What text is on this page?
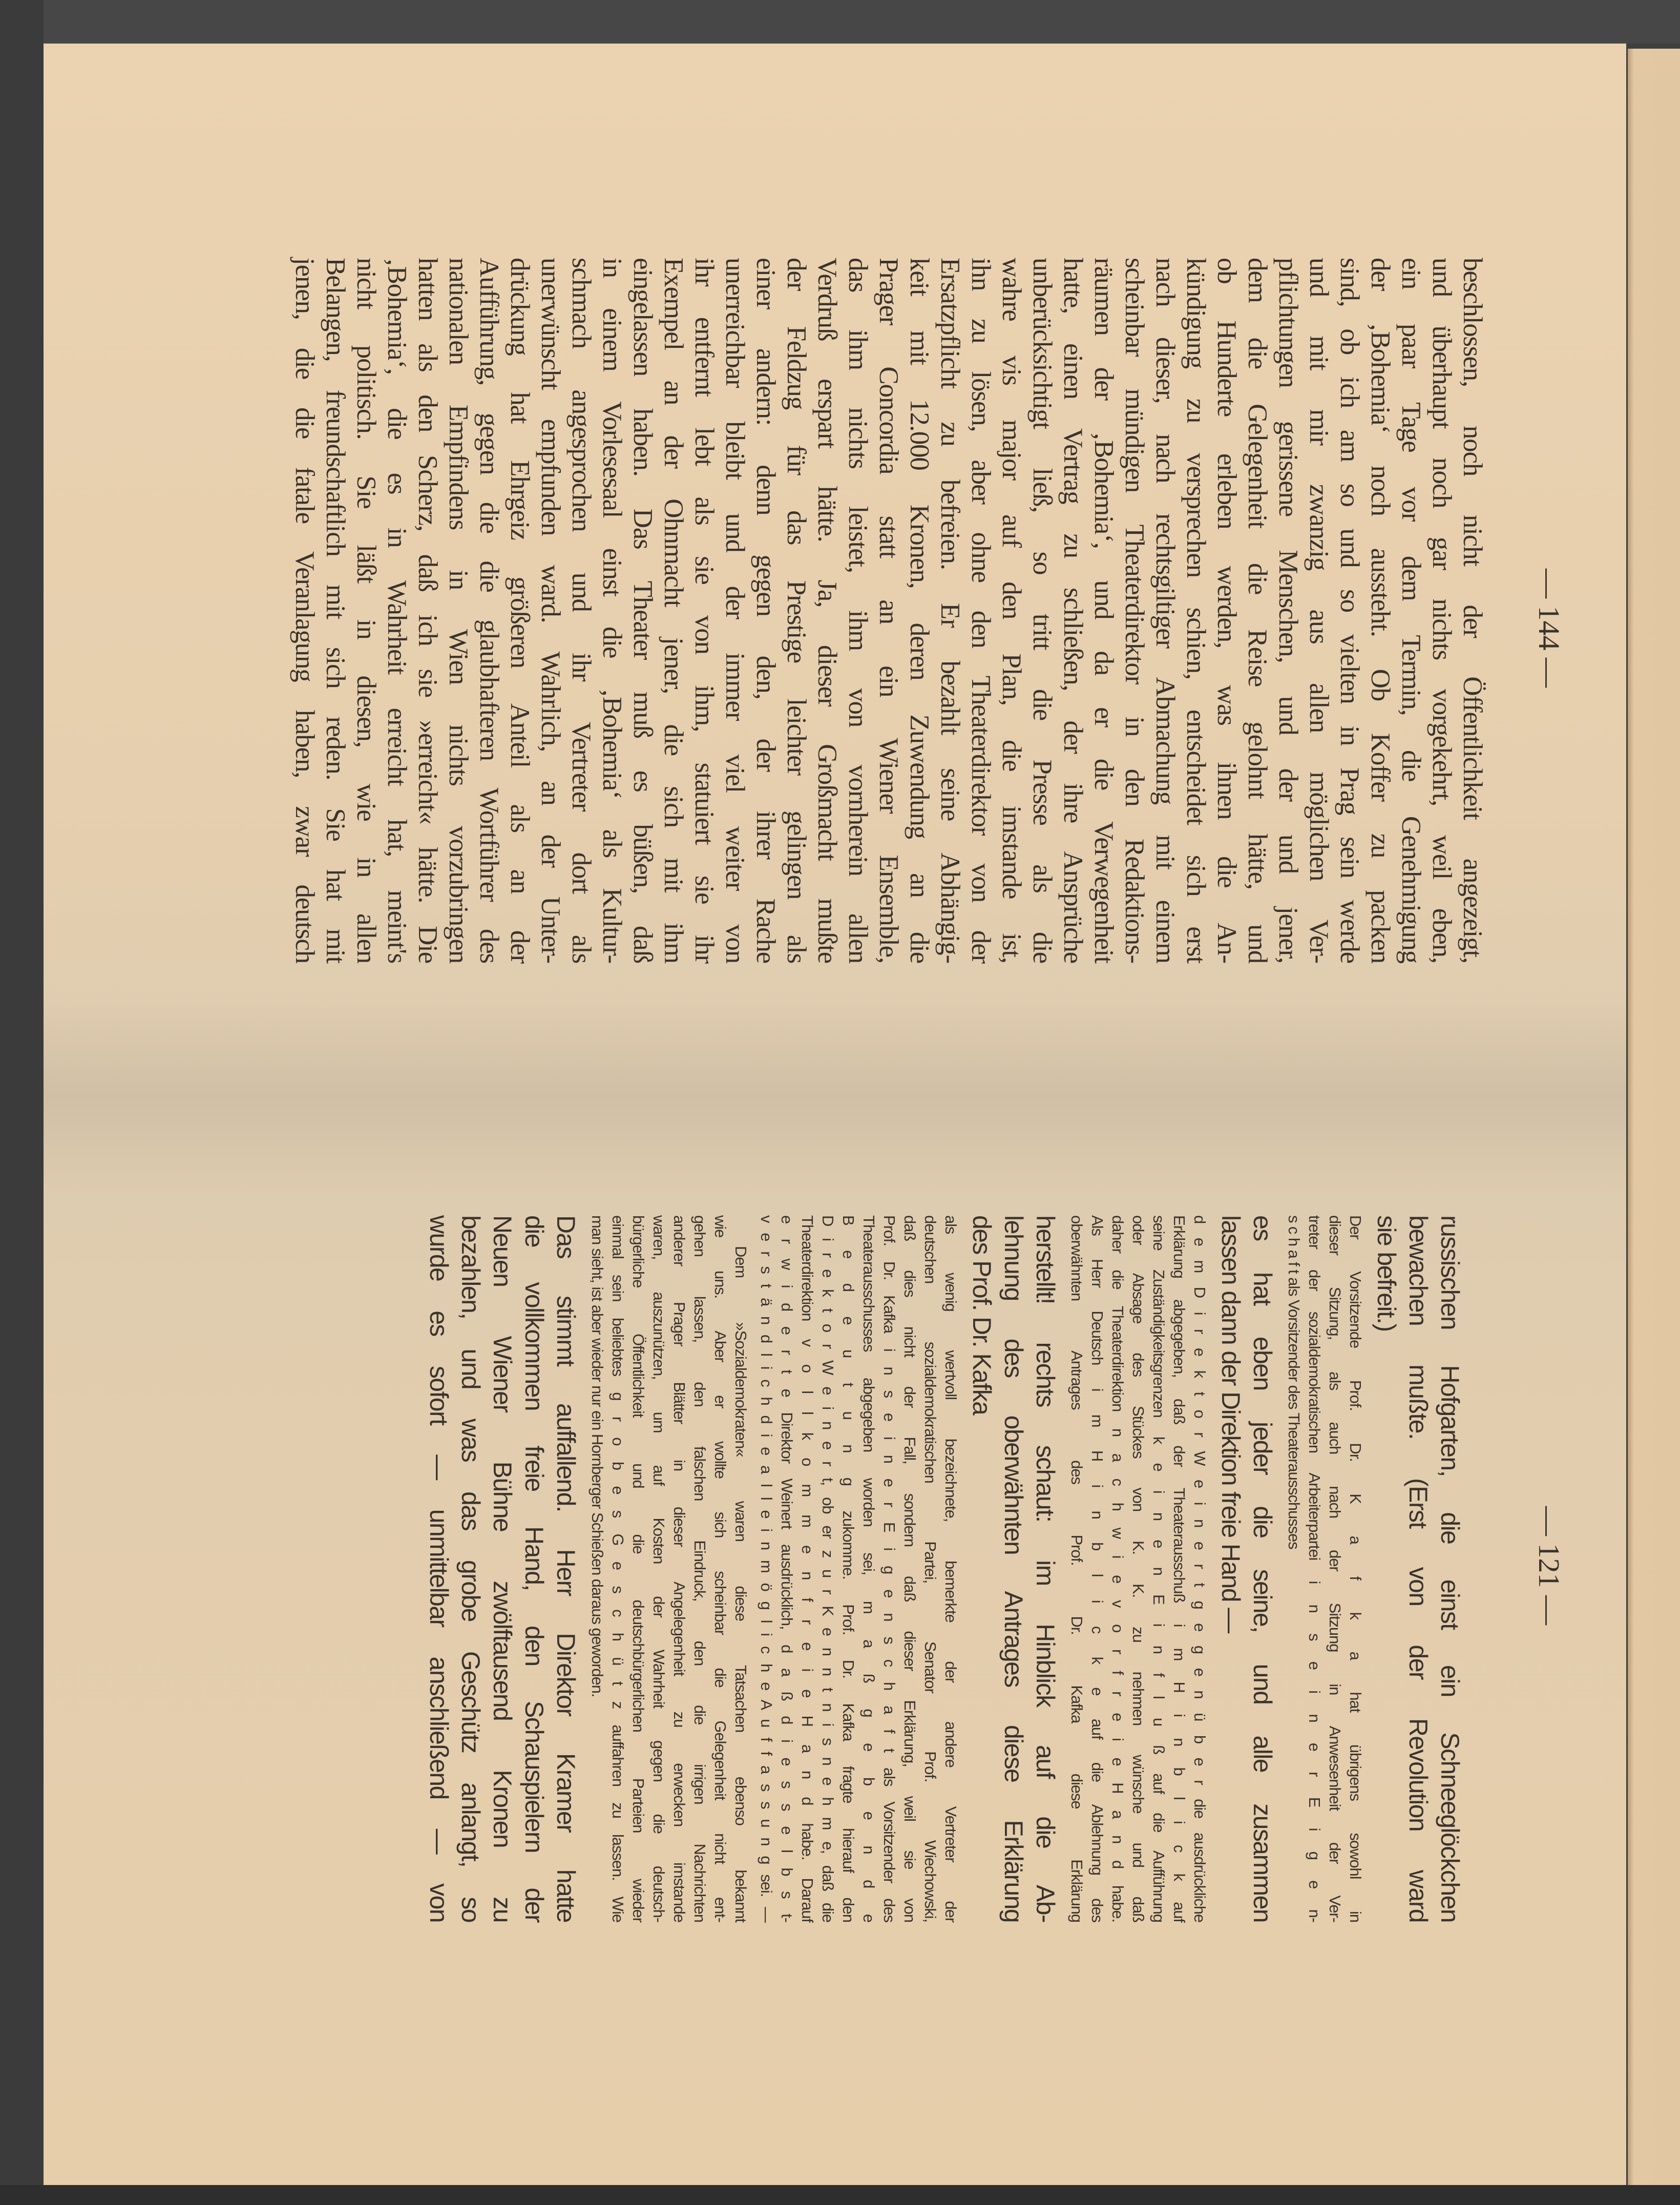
— 144 —
beschlossen, noch nicht der Öffentlichkeit angezeigt,
und überhaupt noch gar nichts vorgekehrt, weil eben,
ein paar Tage vor dem Termin, die Genehmigung
der ‚Bohemia‘ noch aussteht. Ob Koffer zu packen
sind, ob ich am so und so vielten in Prag sein werde
und mit mir zwanzig aus allen möglichen Ver-
pflichtungen gerissene Menschen, und der und jener,
dem die Gelegenheit die Reise gelohnt hätte, und
ob Hunderte erleben werden, was ihnen die An-
kündigung zu versprechen schien, entscheidet sich erst
nach dieser, nach rechtsgiltiger Abmachung mit einem
scheinbar mündigen Theaterdirektor in den Redaktions-
räumen der ‚Bohemia‘, und da er die Verwegenheit
hatte, einen Vertrag zu schließen, der ihre Ansprüche
unberücksichtigt ließ, so tritt die Presse als die
wahre vis major auf den Plan, die imstande ist,
ihn zu lösen, aber ohne den Theaterdirektor von der
Ersatzpflicht zu befreien. Er bezahlt seine Abhängig-
keit mit 12.000 Kronen, deren Zuwendung an die
Prager Concordia statt an ein Wiener Ensemble,
das ihm nichts leistet, ihm von vornherein allen
Verdruß erspart hätte. Ja, dieser Großmacht mußte
der Feldzug für das Prestige leichter gelingen als
einer andern: denn gegen den, der ihrer Rache
unerreichbar bleibt und der immer viel weiter von
ihr entfernt lebt als sie von ihm, statuiert sie ihr
Exempel an der Ohnmacht jener, die sich mit ihm
eingelassen haben. Das Theater muß es büßen, daß
in einem Vorlesesaal einst die ‚Bohemia‘ als Kultur-
schmach angesprochen und ihr Vertreter dort als
unerwünscht empfunden ward. Wahrlich, an der Unter-
drückung hat Ehrgeiz größeren Anteil als an der
Aufführung, gegen die die glaubhafteren Wortführer des
nationalen Empfindens in Wien nichts vorzubringen
hatten als den Scherz, daß ich sie »erreicht« hätte. Die
‚Bohemia‘, die es in Wahrheit erreicht hat, meint's
nicht politisch. Sie läßt in diesen, wie in allen
Belangen, freundschaftlich mit sich reden. Sie hat mit
jenen, die die fatale Veranlagung haben, zwar deutsch
— 121 —
russischen Hofgarten, die einst ein Schneeglöckchen
bewachen mußte. (Erst von der Revolution ward
sie befreit.)
Der Vorsitzende Prof. Dr. K a f k a hat übrigens sowohl in
dieser Sitzung, als auch nach der Sitzung in Anwesenheit der Ver-
treter der sozialdemokratischen Arbeiterpartei i n s e i n e r E i g e n-
s c h a f t als Vorsitzender des Theaterausschusses
es hat eben jeder die seine, und alle zusammen
lassen dann der Direktion freie Hand —
d e m D i r e k t o r W e i n e r t g e g e n ü b e r die ausdrückliche
Erklärung abgegeben, daß der Theaterausschuß i m H i n b l i c k auf
seine Zuständigkeitsgrenzen k e i n e n E i n f l u ß auf die Aufführung
oder Absage des Stückes von K. K. zu nehmen wünsche und daß
daher die Theaterdirektion n a c h w i e v o r f r e i e H a n d habe.
Als Herr Deutsch i m H i n b l i c k e auf die Ablehnung des
oberwähnten Antrages des Prof. Dr. Kafka diese Erklärung
herstellt! rechts schaut: im Hinblick auf die Ab-
lehnung des oberwähnten Antrages diese Erklärung
des Prof. Dr. Kafka
als wenig wertvoll bezeichnete, bemerkte der andere Vertreter der
deutschen sozialdemokratischen Partei, Senator Prof. Wiechowski,
daß dies nicht der Fall, sondern daß dieser Erklärung, weil sie von
Prof. Dr. Kafka i n s e i n e r E i g e n s c h a f t als Vorsitzender des
Theaterausschusses abgegeben worden sei, m a ß g e b e n d e
B e d e u t u n g zukomme. Prof. Dr. Kafka fragte hierauf den
D i r e k t o r W e i n e r t, ob er z u r K e n n t n i s n e h m e, daß die
Theaterdirektion v o l l k o m m e n f r e i e H a n d habe. Darauf
e r w i d e r t e Direktor Weinert ausdrücklich, d a ß d i e s s e l b s t-
v e r s t ä n d l i c h d i e a l l e i n m ö g l i c h e A u f f a s s u n g sei. —
Dem »Sozialdemokraten« waren diese Tatsachen ebenso bekannt
wie uns. Aber er wollte sich scheinbar die Gelegenheit nicht ent-
gehen lassen, den falschen Eindruck, den die irrigen Nachrichten
anderer Prager Blätter in dieser Angelegenheit zu erwecken imstande
waren, auszunützen, um auf Kosten der Wahrheit gegen die deutsch-
bürgerliche Öffentlichkeit und die deutschbürgerlichen Parteien wieder
einmal sein beliebtes g r o b e s G e s c h ü t z auffahren zu lassen. Wie
man sieht, ist aber wieder nur ein Hornberger Schießen daraus geworden.
Das stimmt auffallend. Herr Direktor Kramer hatte
die vollkommen freie Hand, den Schauspielern der
Neuen Wiener Bühne zwölftausend Kronen zu
bezahlen, und was das grobe Geschütz anlangt, so
wurde es sofort — unmittelbar anschließend — von
